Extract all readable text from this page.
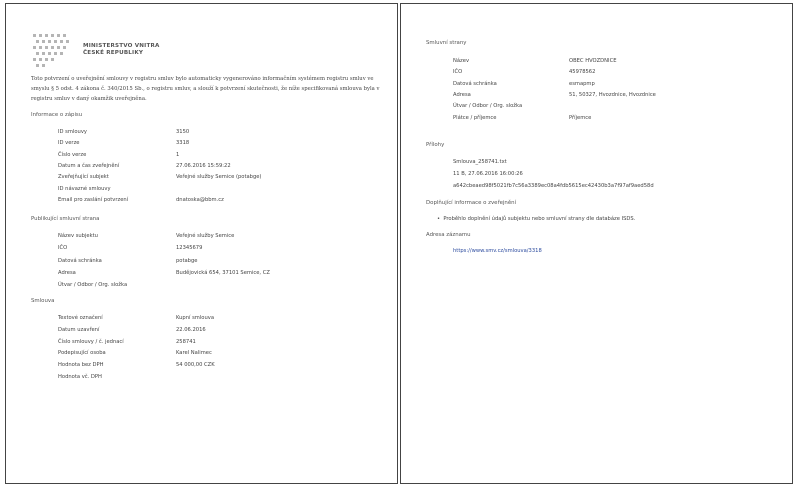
MINISTERSTVO VNITRA
ČESKÉ REPUBLIKY
Toto potvrzení o uveřejnění smlouvy v registru smluv bylo automaticky vygenerováno informačním systémem registru smluv ve smyslu § 5 odst. 4 zákona č. 340/2015 Sb., o registru smluv, a slouží k potvrzení skutečnosti, že níže specifikovaná smlouva byla v registru smluv v daný okamžik uveřejněna.
Informace o zápisu
Publikující smluvní strana
Smlouva
ID smlouvy	3150
ID verze	3318
Číslo verze	1
Datum a čas zveřejnění	27.06.2016 15:59:22
Zveřejňující subjekt	Veřejné služby Semice (potabge)
ID návazné smlouvy
Email pro zaslání potvrzení	dnatoska@bbm.cz
Název subjektu	Veřejné služby Semice
IČO	12345679
Datová schránka	potabge
Adresa	Budějovická 654, 37101 Semice, CZ
Útvar / Odbor / Org. složka
Textové označení	Kupní smlouva
Datum uzavření	22.06.2016
Číslo smlouvy / č. jednací	258741
Podepisující osoba	Karel Nalimec
Hodnota bez DPH	54 000,00 CZK
Hodnota vč. DPH
Smluvní strany
Přílohy
Smlouva_258741.txt
11 B, 27.06.2016 16:00:26
a642cbeaed98f5021fb7c56a3389ec08a4fdb5615ec42430b3a7f97af9aed58d
Doplňující informace o zveřejnění
•  Proběhlo doplnění údajů subjektu nebo smluvní strany dle databáze ISDS.
Adresa záznamu
https://www.smv.cz/smlouva/3318
Název	OBEC HVOZDNICE
IČO	45978562
Datová schránka	esmapmp
Adresa	51, 50327, Hvozdnice, Hvozdnice
Útvar / Odbor / Org. složka
Plátce / příjemce	Příjemce
